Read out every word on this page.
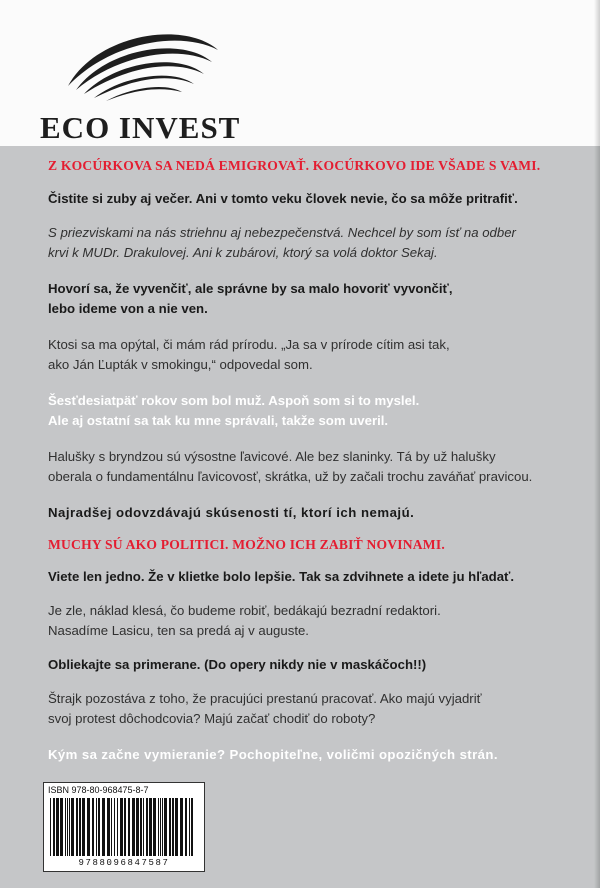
ECO INVEST

Z KOCÚRKOVA SA NEDÁ EMIGROVAŤ. KOCÚRKOVO IDE VŠADE S VAMI.

Čistite si zuby aj večer. Ani v tomto veku človek nevie, čo sa môže pritrafiť.

S priezviskami na nás striehnu aj nebezpečenstvá. Nechcel by som ísť na odber
krvi k MUDr. Drakulovej. Ani k zubárovi, ktorý sa volá doktor Sekaj.

Hovorí sa, že vyvenčiť, ale správne by sa malo hovoriť vyvončiť,
lebo ideme von a nie ven.

Ktosi sa ma opýtal, či mám rád prírodu. „Ja sa v prírode cítim asi tak,
ako Ján Ľupták v smokingu,“ odpovedal som.

Šesťdesiatpäť rokov som bol muž. Aspoň som si to myslel.
Ale aj ostatní sa tak ku mne správali, takže som uveril.

Halušky s bryndzou sú výsostne ľavicové. Ale bez slaninky. Tá by už halušky
oberala o fundamentálnu ľavicovosť, skrátka, už by začali trochu zaváňať pravicou.

Najradšej odovzdávajú skúsenosti tí, ktorí ich nemajú.

MUCHY SÚ AKO POLITICI. MOŽNO ICH ZABIŤ NOVINAMI.

Viete len jedno. Že v klietke bolo lepšie. Tak sa zdvihnete a idete ju hľadať.

Je zle, náklad klesá, čo budeme robiť, bedákajú bezradní redaktori.
Nasadíme Lasicu, ten sa predá aj v auguste.

Obliekajte sa primerane. (Do opery nikdy nie v maskáčoch!!)

Štrajk pozostáva z toho, že pracujúci prestanú pracovať. Ako majú vyjadriť
svoj protest dôchodcovia? Majú začať chodiť do roboty?

Kým sa začne vymieranie? Pochopiteľne, voličmi opozičných strán.

ISBN 978-80-968475-8-7
9788096847587
